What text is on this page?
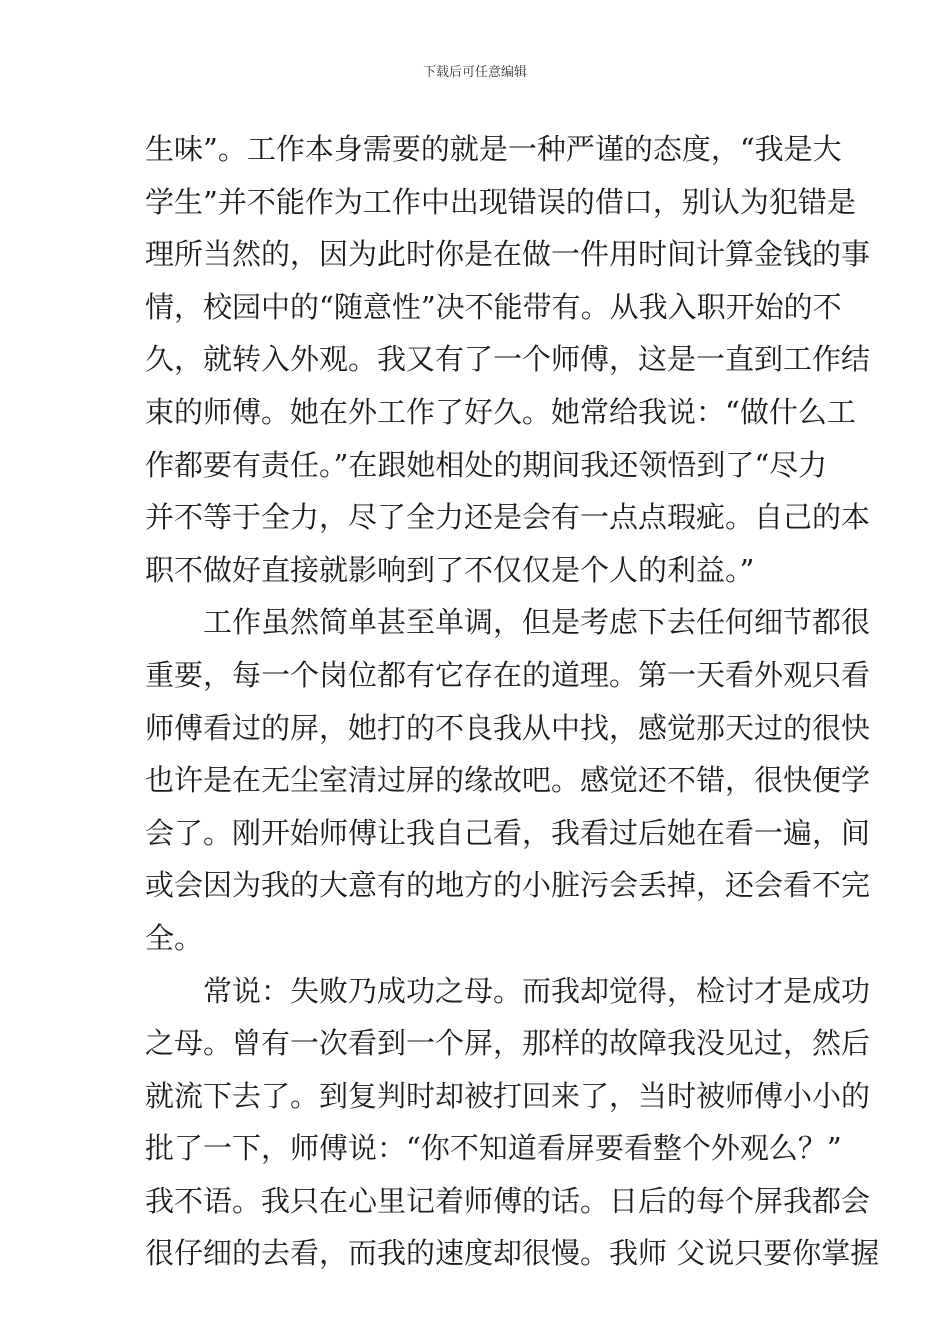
下载后可任意编辑
生味”。工作本身需要的就是一种严谨的态度，“我是大
学生”并不能作为工作中出现错误的借口，别认为犯错是
理所当然的，因为此时你是在做一件用时间计算金钱的事
情，校园中的“随意性”决不能带有。从我入职开始的不
久，就转入外观。我又有了一个师傅，这是一直到工作结
束的师傅。她在外工作了好久。她常给我说：“做什么工
作都要有责任。”在跟她相处的期间我还领悟到了“尽力
并不等于全力，尽了全力还是会有一点点瑕疵。自己的本
职不做好直接就影响到了不仅仅是个人的利益。”
工作虽然简单甚至单调，但是考虑下去任何细节都很
重要，每一个岗位都有它存在的道理。第一天看外观只看
师傅看过的屏，她打的不良我从中找，感觉那天过的很快
也许是在无尘室清过屏的缘故吧。感觉还不错，很快便学
会了。刚开始师傅让我自己看，我看过后她在看一遍，间
或会因为我的大意有的地方的小脏污会丢掉，还会看不完
全。
常说：失败乃成功之母。而我却觉得，检讨才是成功
之母。曾有一次看到一个屏，那样的故障我没见过，然后
就流下去了。到复判时却被打回来了，当时被师傅小小的
批了一下，师傅说：“你不知道看屏要看整个外观么？”
我不语。我只在心里记着师傅的话。日后的每个屏我都会
很仔细的去看，而我的速度却很慢。我师 父说只要你掌握
